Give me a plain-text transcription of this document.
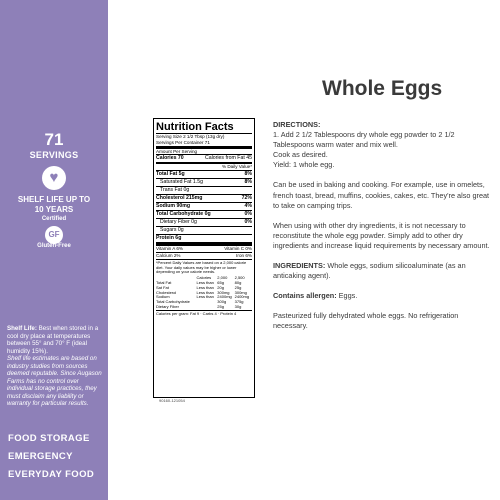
71
SERVINGS
♥
SHELF LIFE UP TO
10 YEARS
Certified
GF
Gluten-Free
Shelf Life: Best when stored in a cool dry place at temperatures between 55° and 70° F (ideal humidity 15%).
Shelf life estimates are based on industry studies from sources deemed reputable. Since Augason Farms has no control over individual storage practices, they must disclaim any liability or warranty for particular results.
FOOD STORAGE
EMERGENCY
EVERYDAY FOOD
Whole Eggs
Nutrition Facts
Serving Size 2 1/2 Tbsp (13g dry)
Servings Per Container 71
Amount Per Serving
Calories 70	Calories from Fat 45
% Daily Value*
Total Fat 5g	8%
Saturated Fat 1.5g	8%
Trans Fat 0g
Cholesterol 215mg	72%
Sodium 90mg	4%
Total Carbohydrate 0g	0%
Dietary Fiber 0g	0%
Sugars 0g
Protein 6g
Vitamin A 6%	Vitamin C 0%
Calcium 2%	Iron 6%
*Percent Daily Values are based on a 2,000 calorie diet. Your daily values may be higher or lower depending on your calorie needs.
	Calories	2,000	2,500
Total Fat	Less than	65g	80g
Sat Fat	Less than	20g	25g
Cholesterol	Less than	300mg	300mg
Sodium	Less than	2400mg	2400mg
Total Carbohydrate		300g	375g
Dietary Fiber		25g	30g
Calories per gram: Fat 9 · Carbs 4 · Protein 4
90160-121054

DIRECTIONS:
1. Add 2 1/2 Tablespoons dry whole egg powder to 2 1/2 Tablespoons warm water and mix well.
Cook as desired.
Yield: 1 whole egg.

Can be used in baking and cooking. For example, use in omelets, french toast, bread, muffins, cookies, cakes, etc. They're also great to take on camping trips.

When using with other dry ingredients, it is not necessary to reconstitute the whole egg powder. Simply add to other dry ingredients and increase liquid requirements by necessary amount.

INGREDIENTS: Whole eggs, sodium silicoaluminate (as an anticaking agent).

Contains allergen: Eggs.

Pasteurized fully dehydrated whole eggs. No refrigeration necessary.
